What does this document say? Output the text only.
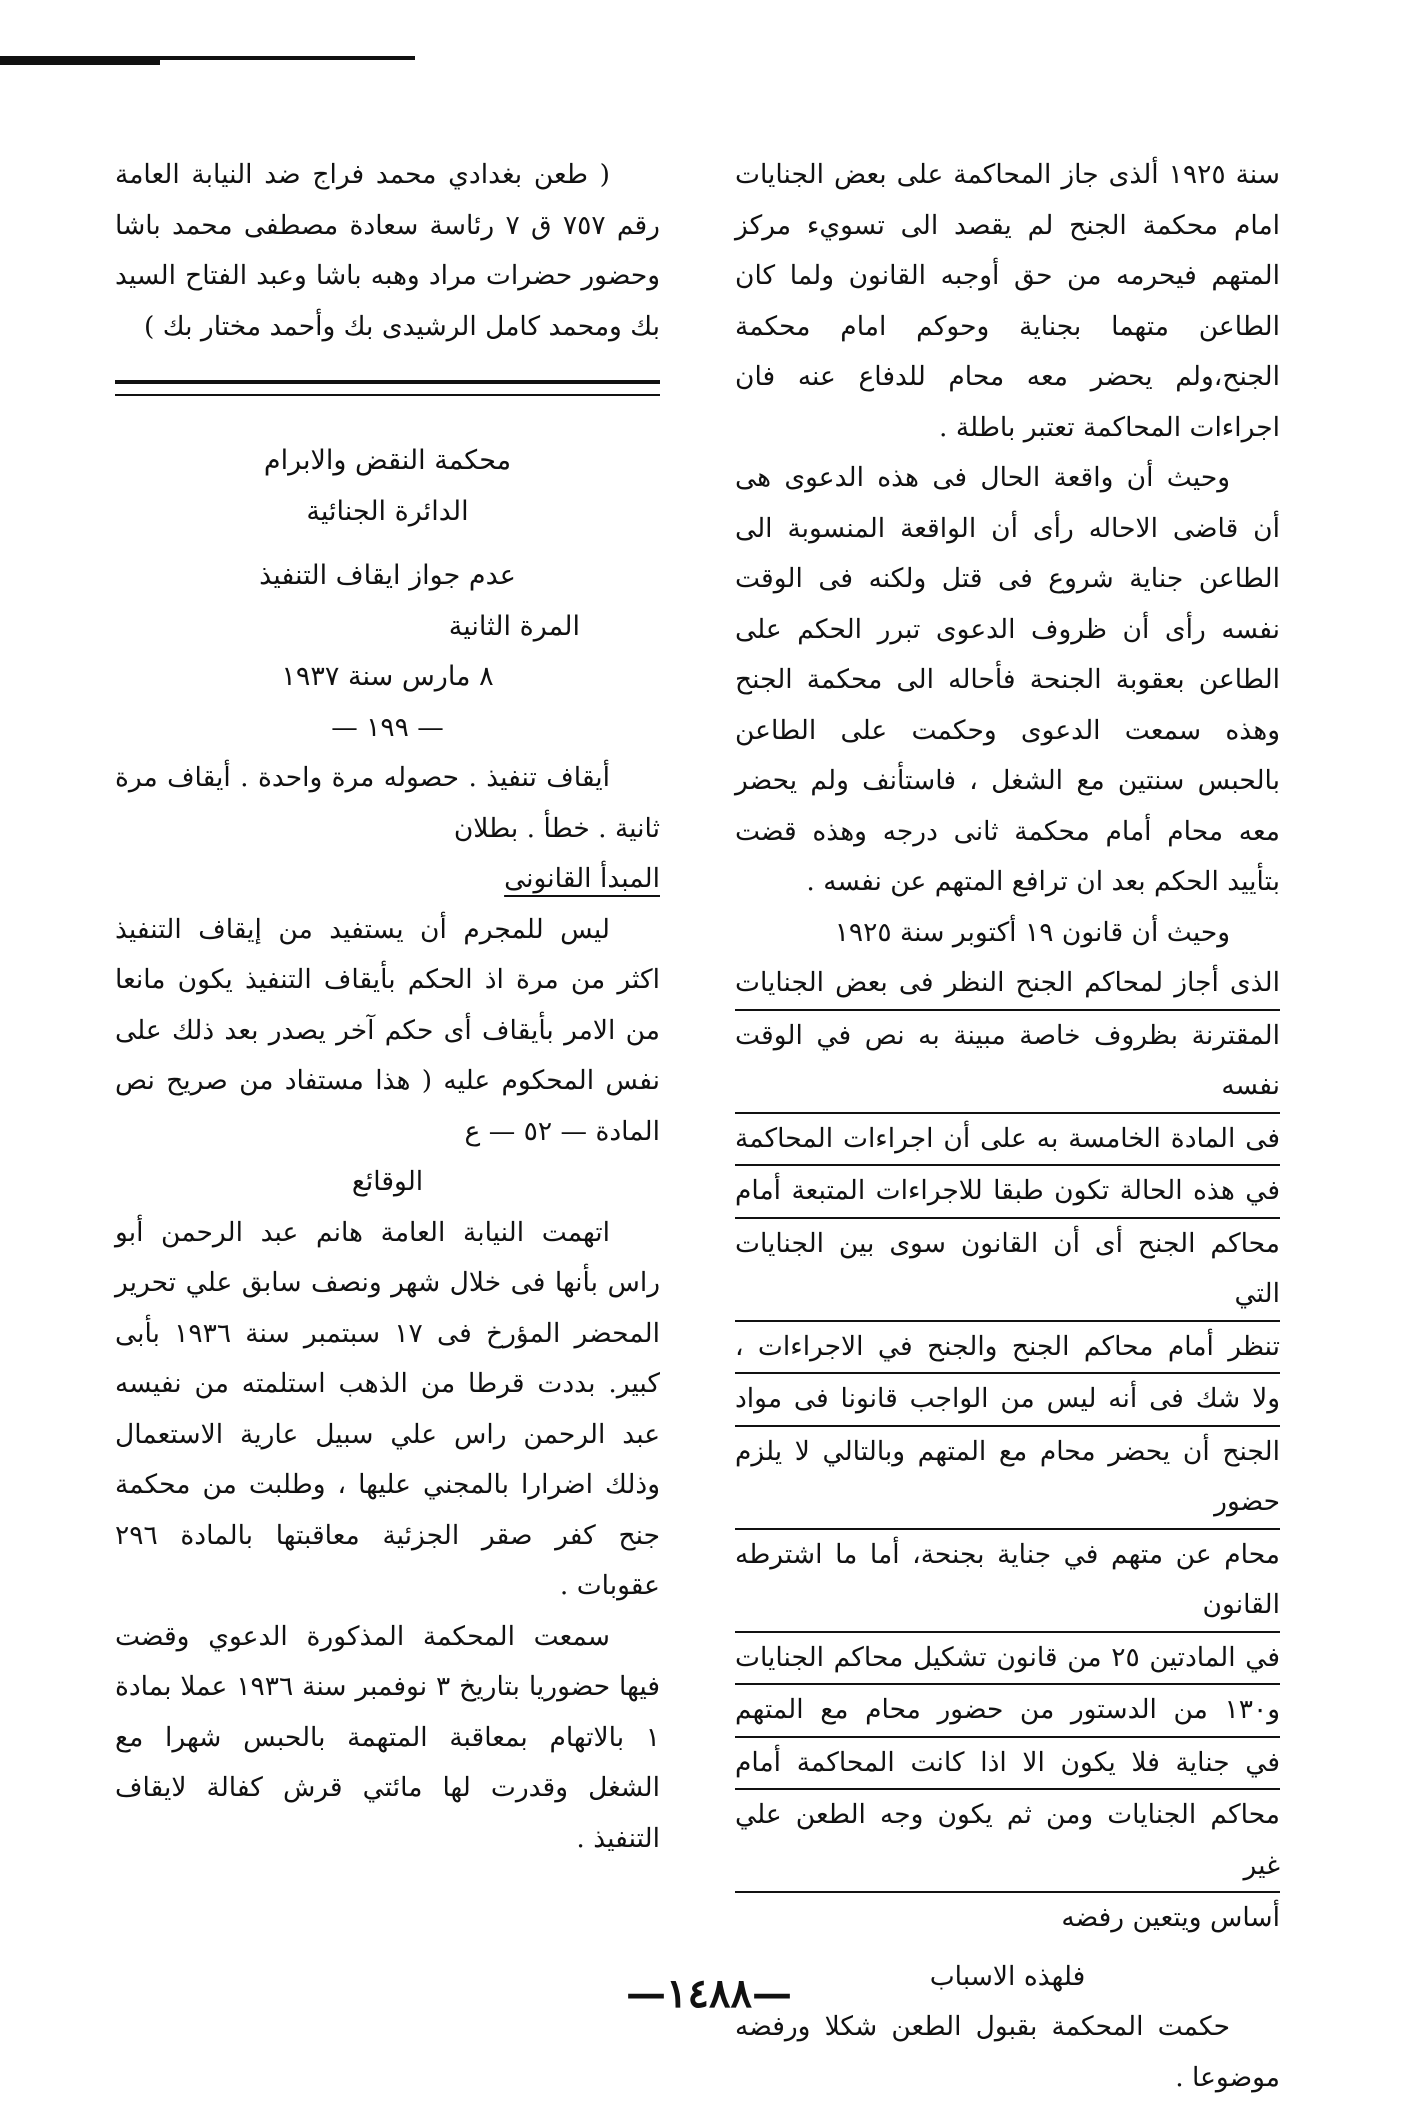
سنة ١٩٢٥ ألذى جاز المحاكمة على بعض الجنايات امام محكمة الجنح لم يقصد الى تسويء مركز المتهم فيحرمه من حق أوجبه القانون ولما كان الطاعن متهما بجناية وحوكم امام محكمة الجنح،ولم يحضر معه محام للدفاع عنه فان اجراءات المحاكمة تعتبر باطلة .

وحيث أن واقعة الحال فى هذه الدعوى هى أن قاضى الاحاله رأى أن الواقعة المنسوبة الى الطاعن جناية شروع فى قتل ولكنه فى الوقت نفسه رأى أن ظروف الدعوى تبرر الحكم على الطاعن بعقوبة الجنحة فأحاله الى محكمة الجنح وهذه سمعت الدعوى وحكمت على الطاعن بالحبس سنتين مع الشغل ، فاستأنف ولم يحضر معه محام أمام محكمة ثانى درجه وهذه قضت بتأييد الحكم بعد ان ترافع المتهم عن نفسه .

وحيث أن قانون ١٩ أكتوبر سنة ١٩٢٥

الذى أجاز لمحاكم الجنح النظر فى بعض الجنايات
المقترنة بظروف خاصة مبينة به نص في الوقت نفسه
فى المادة الخامسة به على أن اجراءات المحاكمة
في هذه الحالة تكون طبقا للاجراءات المتبعة أمام
محاكم الجنح أى أن القانون سوى بين الجنايات التي
تنظر أمام محاكم الجنح والجنح في الاجراءات ،
ولا شك فى أنه ليس من الواجب قانونا فى مواد
الجنح أن يحضر محام مع المتهم وبالتالي لا يلزم حضور
محام عن متهم في جناية بجنحة، أما ما اشترطه القانون
في المادتين ٢٥ من قانون تشكيل محاكم الجنايات
و١٣٠ من الدستور من حضور محام مع المتهم
في جناية فلا يكون الا اذا كانت المحاكمة أمام
محاكم الجنايات ومن ثم يكون وجه الطعن علي غير
أساس ويتعين رفضه

فلهذه الاسباب

حكمت المحكمة بقبول الطعن شكلا ورفضه موضوعا .

( طعن بغدادي محمد فراج ضد النيابة العامة رقم ٧٥٧ ق ٧ رئاسة سعادة مصطفى محمد باشا وحضور حضرات مراد وهبه باشا وعبد الفتاح السيد بك ومحمد كامل الرشيدى بك وأحمد مختار بك )

محكمة النقض والابرام

الدائرة الجنائية

عدم جواز ايقاف التنفيذ

المرة الثانية

٨ مارس سنة ١٩٣٧

— ١٩٩ —

أيقاف تنفيذ . حصوله مرة واحدة . أيقاف مرة ثانية . خطأ . بطلان

المبدأ القانونى

ليس للمجرم أن يستفيد من إيقاف التنفيذ اكثر من مرة اذ الحكم بأيقاف التنفيذ يكون مانعا من الامر بأيقاف أى حكم آخر يصدر بعد ذلك على نفس المحكوم عليه ( هذا مستفاد من صريح نص المادة — ٥٢ — ع

الوقائع

اتهمت النيابة العامة هانم عبد الرحمن أبو راس بأنها فى خلال شهر ونصف سابق علي تحرير المحضر المؤرخ فى ١٧ سبتمبر سنة ١٩٣٦ بأبى كبير. بددت قرطا من الذهب استلمته من نفيسه عبد الرحمن راس علي سبيل عارية الاستعمال وذلك اضرارا بالمجني عليها ، وطلبت من محكمة جنح كفر صقر الجزئية معاقبتها بالمادة ٢٩٦ عقوبات .

سمعت المحكمة المذكورة الدعوي وقضت فيها حضوريا بتاريخ ٣ نوفمبر سنة ١٩٣٦ عملا بمادة ١ بالاتهام بمعاقبة المتهمة بالحبس شهرا مع الشغل وقدرت لها مائتي قرش كفالة لايقاف التنفيذ .

—١٤٨٨—
